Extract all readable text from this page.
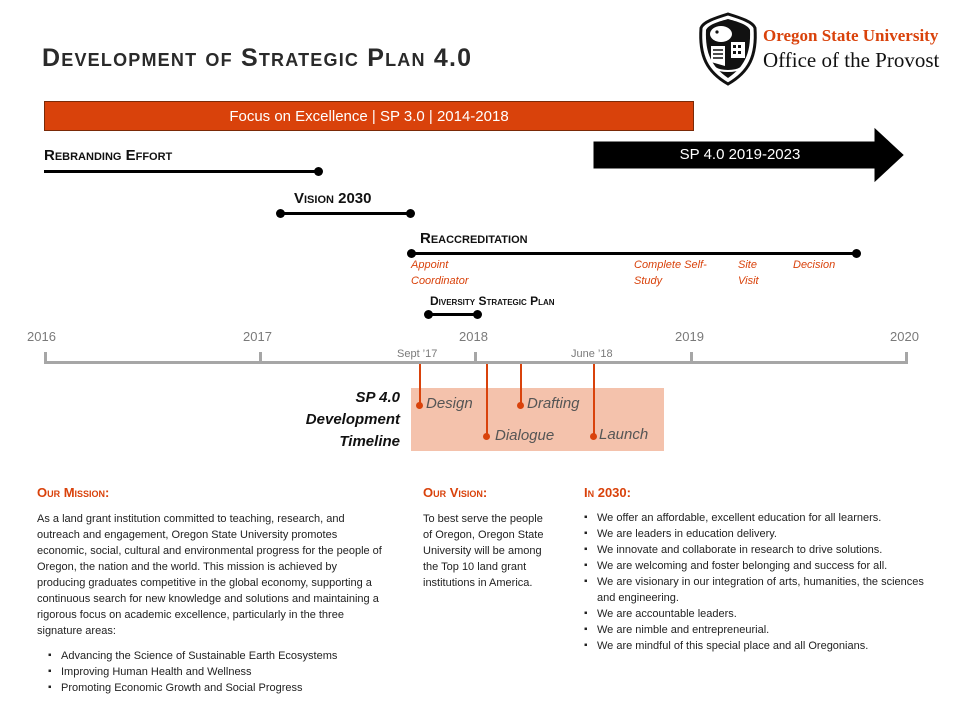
Development of Strategic Plan 4.0
Oregon State University
Office of the Provost
Focus on Excellence | SP 3.0 | 2014-2018
SP 4.0 2019-2023
Rebranding Effort
Vision 2030
Reaccreditation
Appoint
Coordinator
Complete Self-
Study
Site
Visit
Decision
Diversity Strategic Plan
2016	2017	2018	2019	2020
Sept ’17	June ’18
SP 4.0
Development
Timeline
Design
Dialogue
Drafting
Launch
Our Mission:
As a land grant institution committed to teaching, research, and outreach and engagement, Oregon State University promotes economic, social, cultural and environmental progress for the people of Oregon, the nation and the world. This mission is achieved by producing graduates competitive in the global economy, supporting a continuous search for new knowledge and solutions and maintaining a rigorous focus on academic excellence, particularly in the three signature areas:
▪ Advancing the Science of Sustainable Earth Ecosystems
▪ Improving Human Health and Wellness
▪ Promoting Economic Growth and Social Progress
Our Vision:
To best serve the people of Oregon, Oregon State University will be among the Top 10 land grant institutions in America.
In 2030:
▪ We offer an affordable, excellent education for all learners.
▪ We are leaders in education delivery.
▪ We innovate and collaborate in research to drive solutions.
▪ We are welcoming and foster belonging and success for all.
▪ We are visionary in our integration of arts, humanities, the sciences and engineering.
▪ We are accountable leaders.
▪ We are nimble and entrepreneurial.
▪ We are mindful of this special place and all Oregonians.
